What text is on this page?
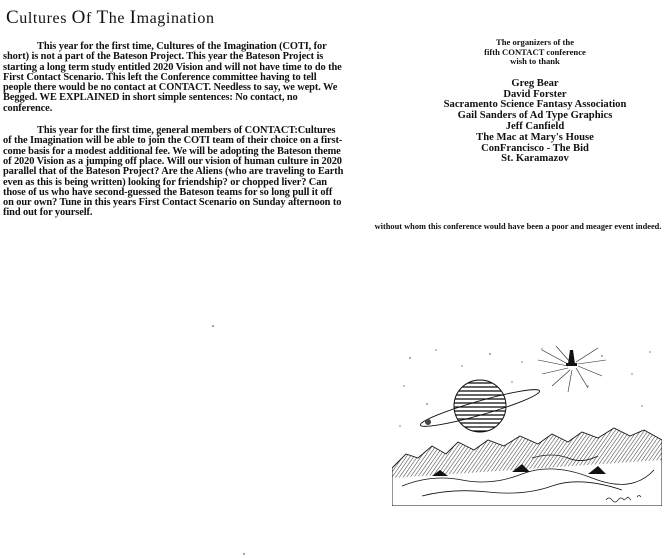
Cultures Of The Imagination

This year for the first time, Cultures of the Imagination (COTI, for short) is not a part of the Bateson Project. This year the Bateson Project is starting a long term study entitled 2020 Vision and will not have time to do the First Contact Scenario. This left the Conference committee having to tell people there would be no contact at CONTACT. Needless to say, we wept. We Begged. WE EXPLAINED in short simple sentences: No contact, no conference.

This year for the first time, general members of CONTACT:Cultures of the Imagination will be able to join the COTI team of their choice on a first-come basis for a modest additional fee. We will be adopting the Bateson theme of 2020 Vision as a jumping off place. Will our vision of human culture in 2020 parallel that of the Bateson Project? Are the Aliens (who are traveling to Earth even as this is being written) looking for friendship? or chopped liver? Can those of us who have second-guessed the Bateson teams for so long pull it off on our own? Tune in this years First Contact Scenario on Sunday afternoon to find out for yourself.

The organizers of the
fifth CONTACT conference
wish to thank

Greg Bear
David Forster
Sacramento Science Fantasy Association
Gail Sanders of Ad Type Graphics
Jeff Canfield
The Mac at Mary's House
ConFrancisco - The Bid
St. Karamazov
without whom this conference would have been a poor and meager event indeed.
